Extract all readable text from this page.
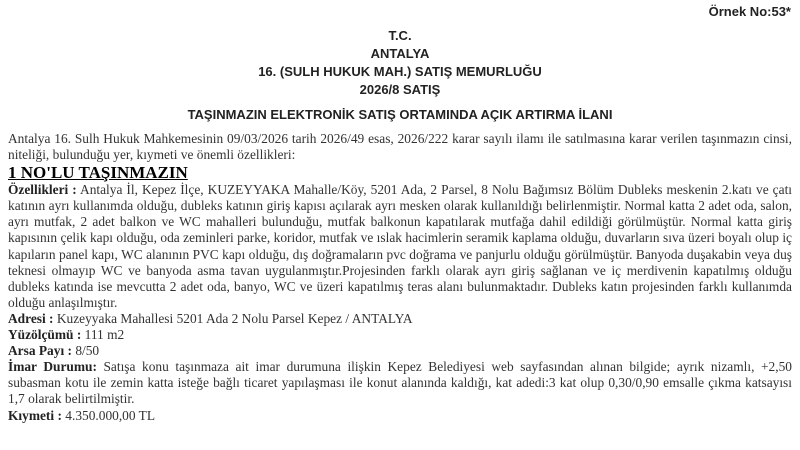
Örnek No:53*
T.C.
ANTALYA
16. (SULH HUKUK MAH.) SATIŞ MEMURLUĞU
2026/8 SATIŞ
TAŞINMAZIN ELEKTRONİK SATIŞ ORTAMINDA AÇIK ARTIRMA İLANI

Antalya 16. Sulh Hukuk Mahkemesinin 09/03/2026 tarih 2026/49 esas, 2026/222 karar sayılı ilamı ile satılmasına karar verilen taşınmazın cinsi, niteliği, bulunduğu yer, kıymeti ve önemli özellikleri:

1 NO'LU TAŞINMAZIN

Özellikleri : Antalya İl, Kepez İlçe, KUZEYYAKA Mahalle/Köy, 5201 Ada, 2 Parsel, 8 Nolu Bağımsız Bölüm Dubleks meskenin 2.katı ve çatı katının ayrı kullanımda olduğu, dubleks katının giriş kapısı açılarak ayrı mesken olarak kullanıldığı belirlenmiştir. Normal katta 2 adet oda, salon, ayrı mutfak, 2 adet balkon ve WC mahalleri bulunduğu, mutfak balkonun kapatılarak mutfağa dahil edildiği görülmüştür. Normal katta giriş kapısının çelik kapı olduğu, oda zeminleri parke, koridor, mutfak ve ıslak hacimlerin seramik kaplama olduğu, duvarların sıva üzeri boyalı olup iç kapıların panel kapı, WC alanının PVC kapı olduğu, dış doğramaların pvc doğrama ve panjurlu olduğu görülmüştür. Banyoda duşakabin veya duş teknesi olmayıp WC ve banyoda asma tavan uygulanmıştır.Projesinden farklı olarak ayrı giriş sağlanan ve iç merdivenin kapatılmış olduğu dubleks katında ise mevcutta 2 adet oda, banyo, WC ve üzeri kapatılmış teras alanı bulunmaktadır. Dubleks katın projesinden farklı kullanımda olduğu anlaşılmıştır.

Adresi : Kuzeyyaka Mahallesi 5201 Ada 2 Nolu Parsel Kepez / ANTALYA

Yüzölçümü : 111 m2

Arsa Payı : 8/50

İmar Durumu: Satışa konu taşınmaza ait imar durumuna ilişkin Kepez Belediyesi web sayfasından alınan bilgide; ayrık nizamlı, +2,50 subasman kotu ile zemin katta isteğe bağlı ticaret yapılaşması ile konut alanında kaldığı, kat adedi:3 kat olup 0,30/0,90 emsalle çıkma katsayısı 1,7 olarak belirtilmiştir.

Kıymeti : 4.350.000,00 TL
